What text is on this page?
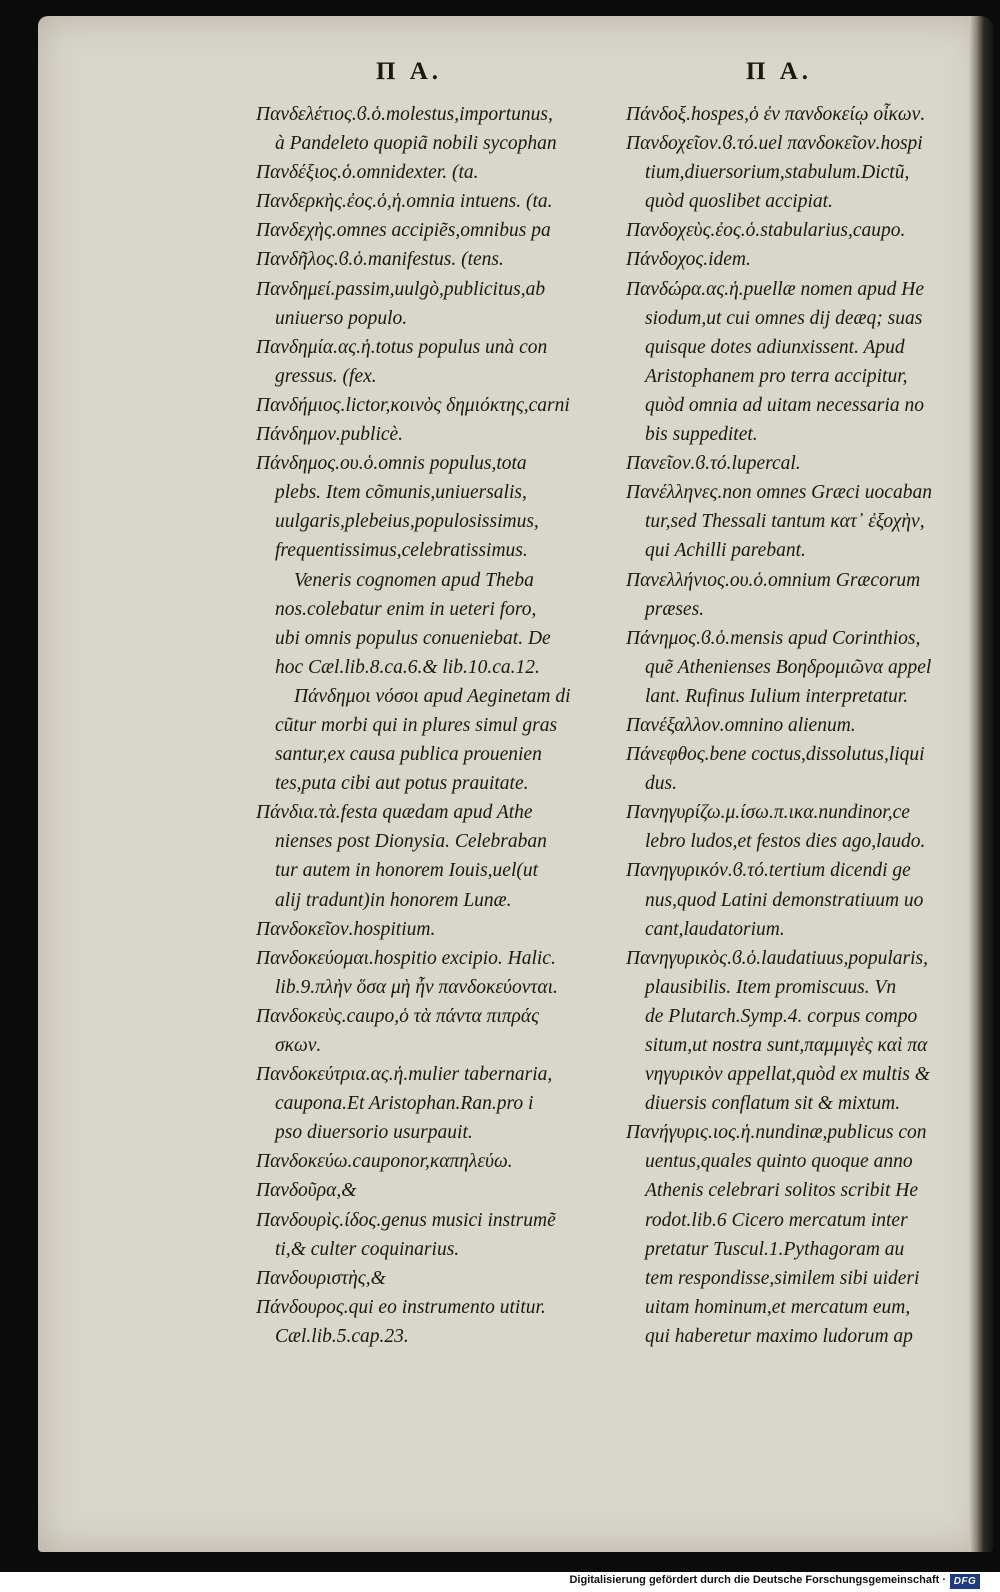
Π A.	Π A.
Πανδελέτιος.ϐ.ὁ.molestus,importunus,
à Pandeleto quopiã nobili sycophan
Πανδέξιος.ὁ.omnidexter. (ta.
Πανδερκὴς.ἐος.ὁ,ἡ.omnia intuens. (ta.
Πανδεχὴς.omnes accipiẽs,omnibus pa
Πανδῆλος.ϐ.ὁ.manifestus. (tens.
Πανδημεί.passim,uulgò,publicitus,ab
uniuerso populo.
Πανδημία.ας.ἡ.totus populus unà con
gressus. (fex.
Πανδήμιος.lictor,κοινὸς δημιόκτης,carni
Πάνδημον.publicè.
Πάνδημος.ου.ὁ.omnis populus,tota
plebs. Item cõmunis,uniuersalis,
uulgaris,plebeius,populosissimus,
frequentissimus,celebratissimus.
Veneris cognomen apud Theba
nos.colebatur enim in ueteri foro,
ubi omnis populus conueniebat. De
hoc Cæl.lib.8.ca.6.& lib.10.ca.12.
Πάνδημοι νόσοι apud Aeginetam di
cũtur morbi qui in plures simul gras
santur,ex causa publica prouenien
tes,puta cibi aut potus prauitate.
Πάνδια.τὰ.festa quædam apud Athe
nienses post Dionysia. Celebraban
tur autem in honorem Iouis,uel(ut
alij tradunt)in honorem Lunæ.
Πανδοκεῖον.hospitium.
Πανδοκεύομαι.hospitio excipio. Halic.
lib.9.πλὴν ὅσα μὴ ἦν πανδοκεύονται.
Πανδοκεὺς.caupo,ὁ τὰ πάντα πιπράς
σκων.
Πανδοκεύτρια.ας.ἡ.mulier tabernaria,
caupona.Et Aristophan.Ran.pro i
pso diuersorio usurpauit.
Πανδοκεύω.cauponor,καπηλεύω.
Πανδοῦρα,&
Πανδουρὶς.ίδος.genus musici instrumẽ
ti,& culter coquinarius.
Πανδουριστὴς,&
Πάνδουρος.qui eo instrumento utitur.
Cæl.lib.5.cap.23.
Πάνδοξ.hospes,ὁ ἐν πανδοκείῳ οἶκων.
Πανδοχεῖον.ϐ.τό.uel πανδοκεῖον.hospi
tium,diuersorium,stabulum.Dictũ,
quòd quoslibet accipiat.
Πανδοχεὺς.ἐος.ὁ.stabularius,caupo.
Πάνδοχος.idem.
Πανδώρα.ας.ἡ.puellæ nomen apud He
siodum,ut cui omnes dij deæq; suas
quisque dotes adiunxissent. Apud
Aristophanem pro terra accipitur,
quòd omnia ad uitam necessaria no
bis suppeditet.
Πανεῖον.ϐ.τό.lupercal.
Πανέλληνες.non omnes Græci uocaban
tur,sed Thessali tantum κατ᾽ ἐξοχὴν,
qui Achilli parebant.
Πανελλήνιος.ου.ὁ.omnium Græcorum
præses.
Πάνημος.ϐ.ὁ.mensis apud Corinthios,
quẽ Athenienses Βοηδρομιῶνα appel
lant. Rufinus Iulium interpretatur.
Πανέξαλλον.omnino alienum.
Πάνεφθος.bene coctus,dissolutus,liqui
dus.
Πανηγυρίζω.μ.ίσω.π.ικα.nundinor,ce
lebro ludos,et festos dies ago,laudo.
Πανηγυρικόν.ϐ.τό.tertium dicendi ge
nus,quod Latini demonstratiuum uo
cant,laudatorium.
Πανηγυρικὸς.ϐ.ὁ.laudatiuus,popularis,
plausibilis. Item promiscuus. Vn
de Plutarch.Symp.4. corpus compo
situm,ut nostra sunt,παμμιγὲς καὶ πα
νηγυρικὸν appellat,quòd ex multis &
diuersis conflatum sit & mixtum.
Πανήγυρις.ιος.ἡ.nundinæ,publicus con
uentus,quales quinto quoque anno
Athenis celebrari solitos scribit He
rodot.lib.6 Cicero mercatum inter
pretatur Tuscul.1.Pythagoram au
tem respondisse,similem sibi uideri
uitam hominum,et mercatum eum,
qui haberetur maximo ludorum ap
Digitalisierung gefördert durch die Deutsche Forschungsgemeinschaft · DFG
